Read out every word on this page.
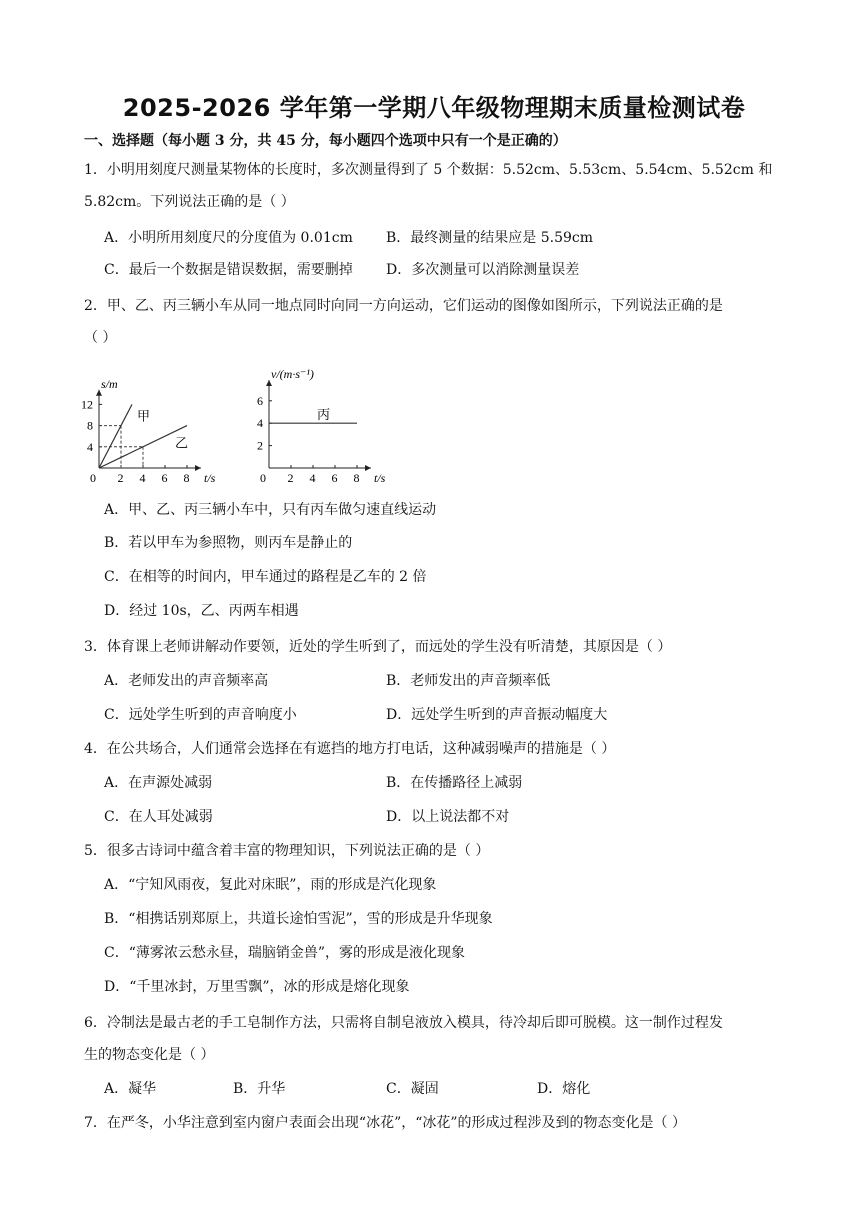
2025-2026 学年第一学期八年级物理期末质量检测试卷
一、选择题（每小题 3 分，共 45 分，每小题四个选项中只有一个是正确的）
1．小明用刻度尺测量某物体的长度时，多次测量得到了 5 个数据：5.52cm、5.53cm、5.54cm、5.52cm 和
5.82cm。下列说法正确的是（ ）
A．小明所用刻度尺的分度值为 0.01cm B．最终测量的结果应是 5.59cm
C．最后一个数据是错误数据，需要删掉 D．多次测量可以消除测量误差
2．甲、乙、丙三辆小车从同一地点同时向同一方向运动，它们运动的图像如图所示，下列说法正确的是
（ ）
t/s
s/m
0 2 4 6 8
4
8
12
甲
乙
t/s
v/(m·s⁻¹)
0 2 4 6 8
2
4
6
丙
A．甲、乙、丙三辆小车中，只有丙车做匀速直线运动
B．若以甲车为参照物，则丙车是静止的
C．在相等的时间内，甲车通过的路程是乙车的 2 倍
D．经过 10s，乙、丙两车相遇
3．体育课上老师讲解动作要领，近处的学生听到了，而远处的学生没有听清楚，其原因是（ ）
A．老师发出的声音频率高	B．老师发出的声音频率低
C．远处学生听到的声音响度小	D．远处学生听到的声音振动幅度大
4．在公共场合，人们通常会选择在有遮挡的地方打电话，这种减弱噪声的措施是（ ）
A．在声源处减弱	B．在传播路径上减弱
C．在人耳处减弱	D．以上说法都不对
5．很多古诗词中蕴含着丰富的物理知识，下列说法正确的是（ ）
A．“宁知风雨夜，复此对床眠”，雨的形成是汽化现象
B．“相携话别郑原上，共道长途怕雪泥”，雪的形成是升华现象
C．“薄雾浓云愁永昼，瑞脑销金兽”，雾的形成是液化现象
D．“千里冰封，万里雪飘”，冰的形成是熔化现象
6．冷制法是最古老的手工皂制作方法，只需将自制皂液放入模具，待冷却后即可脱模。这一制作过程发
生的物态变化是（ ）
A．凝华	B．升华	C．凝固	D．熔化
7．在严冬，小华注意到室内窗户表面会出现“冰花”，“冰花”的形成过程涉及到的物态变化是（ ）
